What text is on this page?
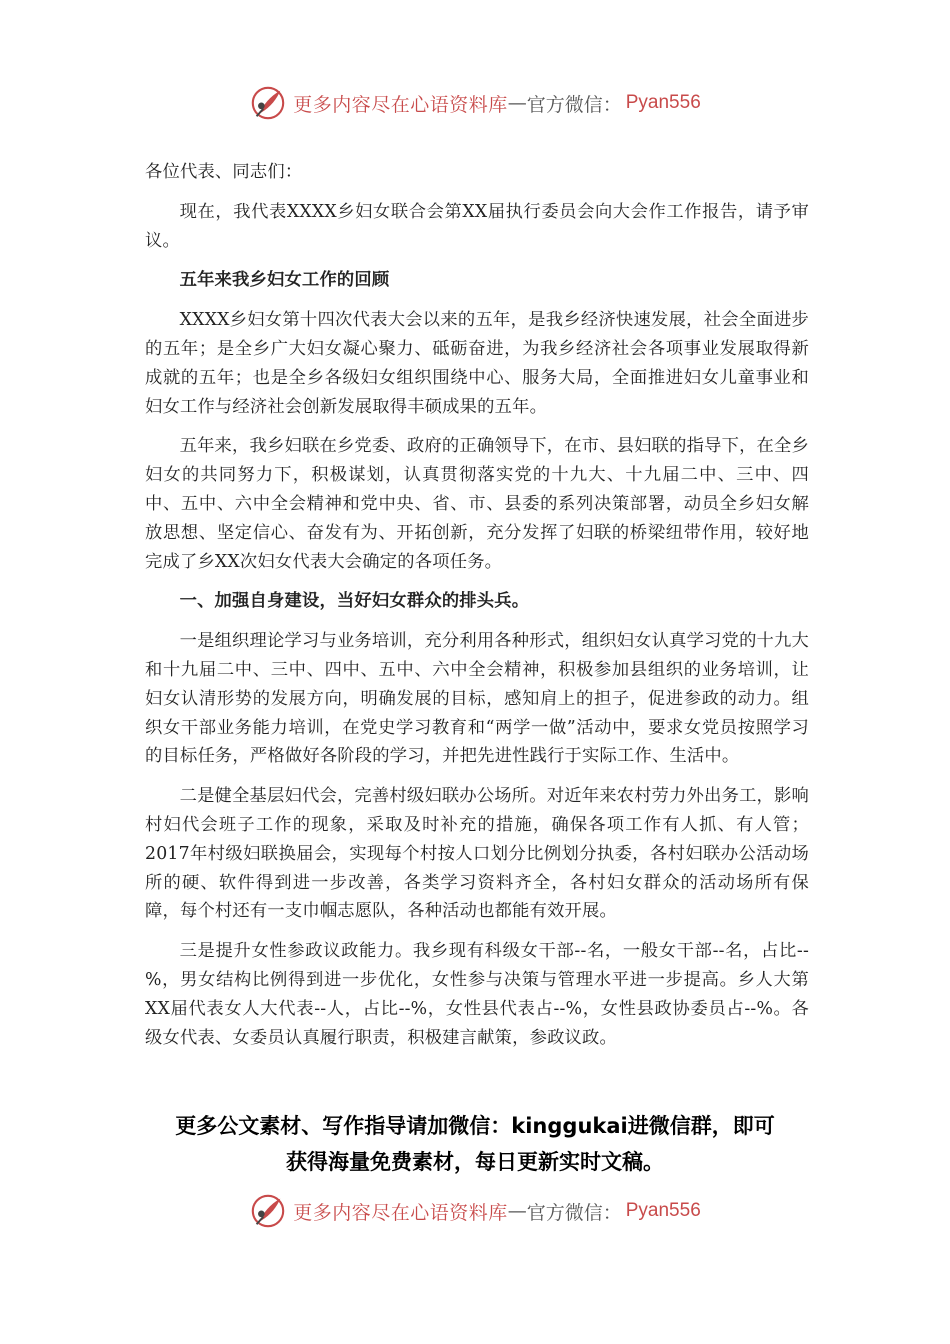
更多内容尽在心语资料库 — 官方微信： Pyan556

各位代表、同志们：

现在，我代表XXXX乡妇女联合会第XX届执行委员会向大会作工作报告，请予审议。

五年来我乡妇女工作的回顾

XXXX乡妇女第十四次代表大会以来的五年，是我乡经济快速发展，社会全面进步的五年；是全乡广大妇女凝心聚力、砥砺奋进，为我乡经济社会各项事业发展取得新成就的五年；也是全乡各级妇女组织围绕中心、服务大局，全面推进妇女儿童事业和妇女工作与经济社会创新发展取得丰硕成果的五年。

五年来，我乡妇联在乡党委、政府的正确领导下，在市、县妇联的指导下，在全乡妇女的共同努力下，积极谋划，认真贯彻落实党的十九大、十九届二中、三中、四中、五中、六中全会精神和党中央、省、市、县委的系列决策部署，动员全乡妇女解放思想、坚定信心、奋发有为、开拓创新，充分发挥了妇联的桥梁纽带作用，较好地完成了乡XX次妇女代表大会确定的各项任务。

一、加强自身建设，当好妇女群众的排头兵。

一是组织理论学习与业务培训，充分利用各种形式，组织妇女认真学习党的十九大和十九届二中、三中、四中、五中、六中全会精神，积极参加县组织的业务培训，让妇女认清形势的发展方向，明确发展的目标，感知肩上的担子，促进参政的动力。组织女干部业务能力培训，在党史学习教育和“两学一做”活动中，要求女党员按照学习的目标任务，严格做好各阶段的学习，并把先进性践行于实际工作、生活中。

二是健全基层妇代会，完善村级妇联办公场所。对近年来农村劳力外出务工，影响村妇代会班子工作的现象，采取及时补充的措施，确保各项工作有人抓、有人管；2017年村级妇联换届会，实现每个村按人口划分比例划分执委，各村妇联办公活动场所的硬、软件得到进一步改善，各类学习资料齐全，各村妇女群众的活动场所有保障，每个村还有一支巾帼志愿队，各种活动也都能有效开展。

三是提升女性参政议政能力。我乡现有科级女干部--名，一般女干部--名，占比--%，男女结构比例得到进一步优化，女性参与决策与管理水平进一步提高。乡人大第XX届代表女人大代表--人，占比--%，女性县代表占--%，女性县政协委员占--%。各级女代表、女委员认真履行职责，积极建言献策，参政议政。

更多公文素材、写作指导请加微信：kinggukai进微信群，即可
获得海量免费素材，每日更新实时文稿。
更多内容尽在心语资料库 — 官方微信： Pyan556
